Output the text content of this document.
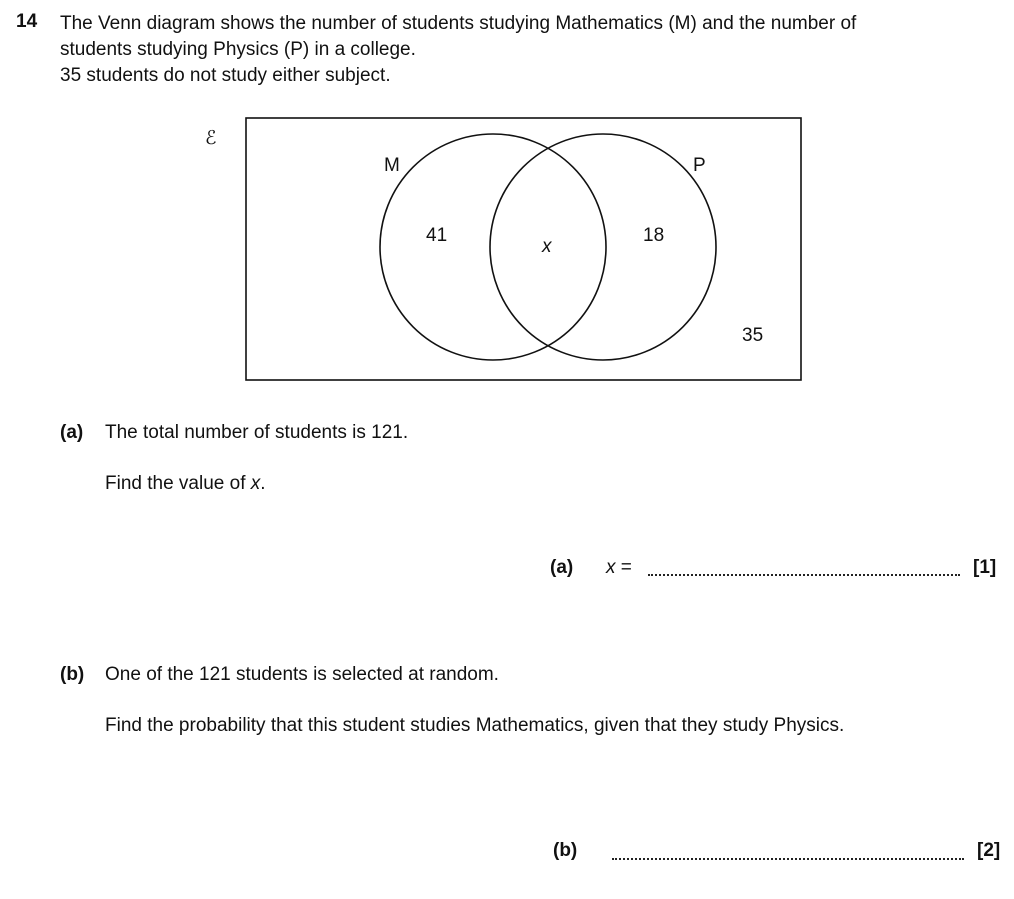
14 The Venn diagram shows the number of students studying Mathematics (M) and the number of
students studying Physics (P) in a college.
35 students do not study either subject.
ℰ
M	P
41
x
18
35
(a) The total number of students is 121.
Find the value of x.
(a) x =	[1]
(b) One of the 121 students is selected at random.
Find the probability that this student studies Mathematics, given that they study Physics.
(b)	[2]
